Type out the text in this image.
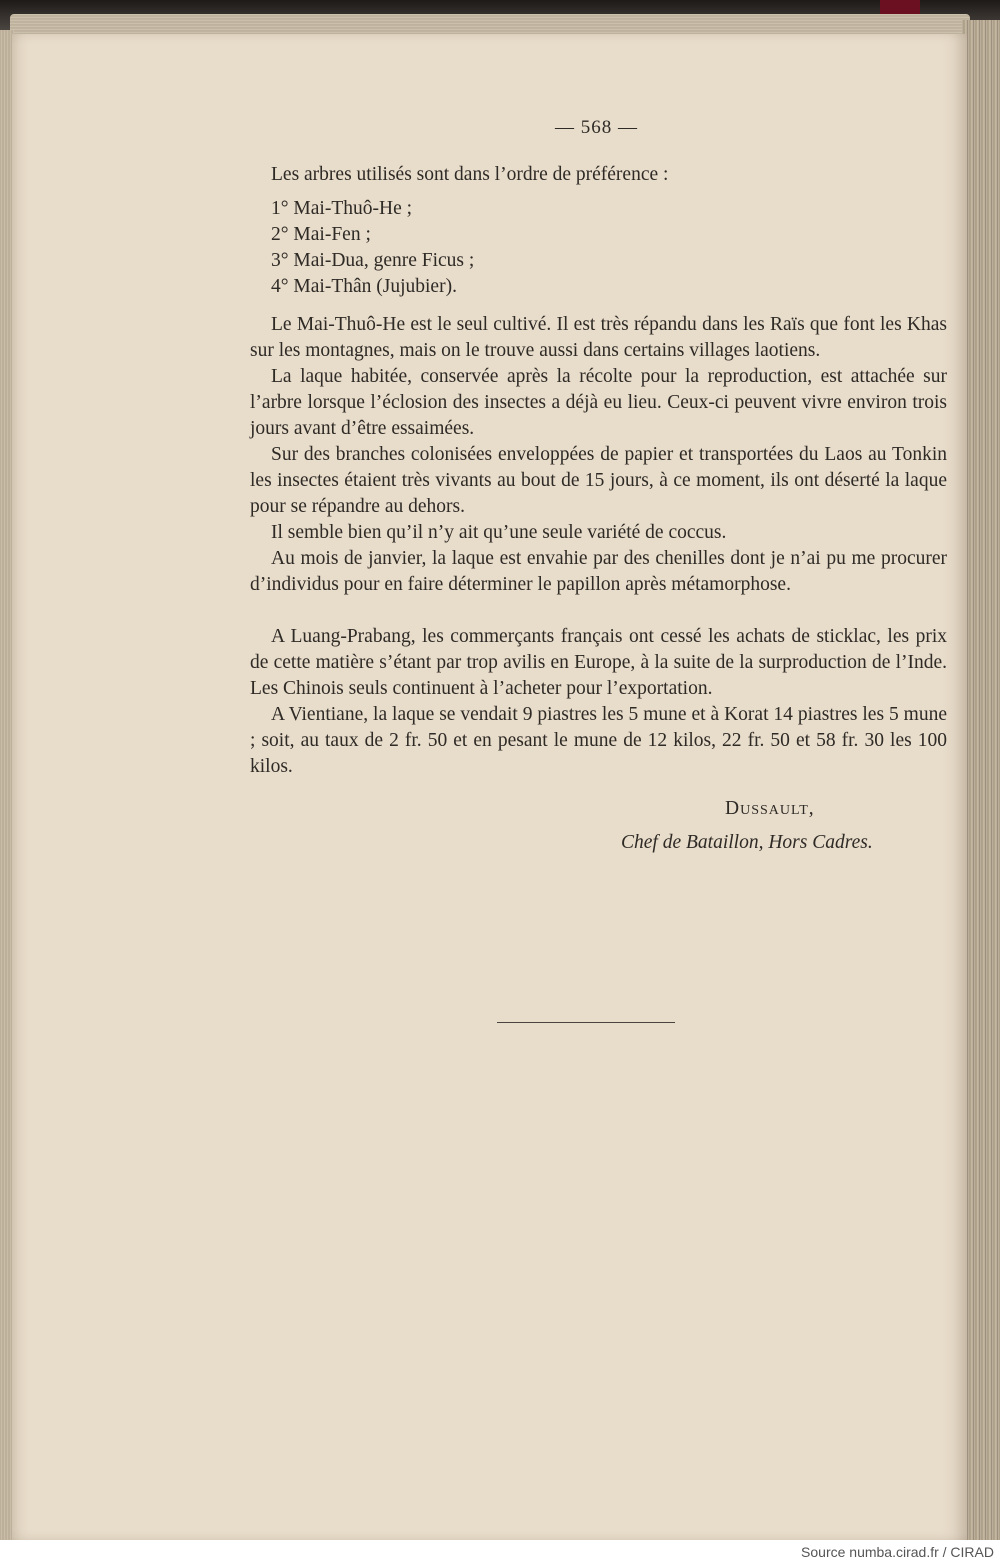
— 568 —
Les arbres utilisés sont dans l’ordre de préférence :
1° Mai-Thuô-He ;
2° Mai-Fen ;
3° Mai-Dua, genre Ficus ;
4° Mai-Thân (Jujubier).
Le Mai-Thuô-He est le seul cultivé. Il est très répandu dans les Raïs que font les Khas sur les montagnes, mais on le trouve aussi dans certains villages laotiens.
La laque habitée, conservée après la récolte pour la reproduction, est attachée sur l’arbre lorsque l’éclosion des insectes a déjà eu lieu. Ceux-ci peuvent vivre environ trois jours avant d’être essaimées.
Sur des branches colonisées enveloppées de papier et transportées du Laos au Tonkin les insectes étaient très vivants au bout de 15 jours, à ce moment, ils ont déserté la laque pour se répandre au dehors.
Il semble bien qu’il n’y ait qu’une seule variété de coccus.
Au mois de janvier, la laque est envahie par des chenilles dont je n’ai pu me procurer d’individus pour en faire déterminer le papillon après métamorphose.
A Luang-Prabang, les commerçants français ont cessé les achats de sticklac, les prix de cette matière s’étant par trop avilis en Europe, à la suite de la surproduction de l’Inde. Les Chinois seuls continuent à l’acheter pour l’exportation.
A Vientiane, la laque se vendait 9 piastres les 5 mune et à Korat 14 piastres les 5 mune ; soit, au taux de 2 fr. 50 et en pesant le mune de 12 kilos, 22 fr. 50 et 58 fr. 30 les 100 kilos.
Dussault,
Chef de Bataillon, Hors Cadres.
Source numba.cirad.fr / CIRAD
